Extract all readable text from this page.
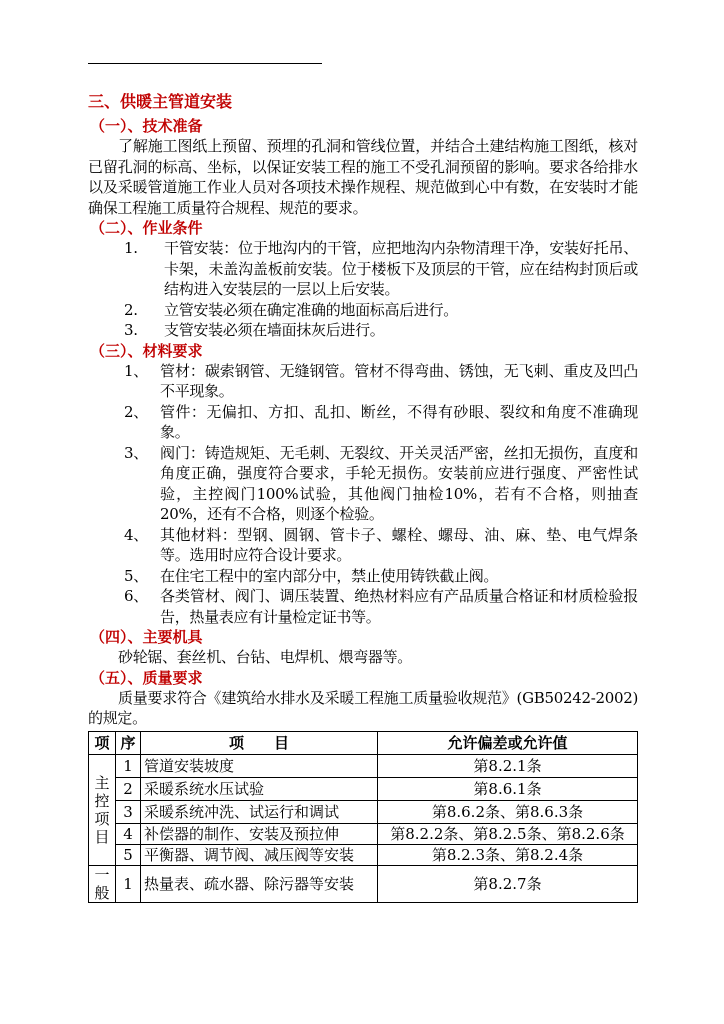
三、供暖主管道安装
（一）、技术准备
了解施工图纸上预留、预埋的孔洞和管线位置，并结合土建结构施工图纸，核对已留孔洞的标高、坐标，以保证安装工程的施工不受孔洞预留的影响。要求各给排水以及采暖管道施工作业人员对各项技术操作规程、规范做到心中有数，在安装时才能确保工程施工质量符合规程、规范的要求。
（二）、作业条件
1.	干管安装：位于地沟内的干管，应把地沟内杂物清理干净，安装好托吊、卡架，未盖沟盖板前安装。位于楼板下及顶层的干管，应在结构封顶后或结构进入安装层的一层以上后安装。
2.	立管安装必须在确定准确的地面标高后进行。
3.	支管安装必须在墙面抹灰后进行。
（三）、材料要求
1、 管材：碳索钢管、无缝钢管。管材不得弯曲、锈蚀，无飞刺、重皮及凹凸不平现象。
2、 管件：无偏扣、方扣、乱扣、断丝，不得有砂眼、裂纹和角度不准确现象。
3、 阀门：铸造规矩、无毛刺、无裂纹、开关灵活严密，丝扣无损伤，直度和角度正确，强度符合要求，手轮无损伤。安装前应进行强度、严密性试验，主控阀门100%试验，其他阀门抽检10%，若有不合格，则抽查20%，还有不合格，则逐个检验。
4、 其他材料：型钢、圆钢、管卡子、螺栓、螺母、油、麻、垫、电气焊条等。选用时应符合设计要求。
5、 在住宅工程中的室内部分中，禁止使用铸铁截止阀。
6、 各类管材、阀门、调压装置、绝热材料应有产品质量合格证和材质检验报告，热量表应有计量检定证书等。
（四）、主要机具
砂轮锯、套丝机、台钻、电焊机、煨弯器等。
（五）、质量要求
质量要求符合《建筑给水排水及采暖工程施工质量验收规范》(GB50242-2002)的规定。
项	序	项　　目	允许偏差或允许值
主控项目	1	管道安装坡度	第8.2.1条
	2	采暖系统水压试验	第8.6.1条
	3	采暖系统冲洗、试运行和调试	第8.6.2条、第8.6.3条
	4	补偿器的制作、安装及预拉伸	第8.2.2条、第8.2.5条、第8.2.6条
	5	平衡器、调节阀、减压阀等安装	第8.2.3条、第8.2.4条
一般	1	热量表、疏水器、除污器等安装	第8.2.7条
